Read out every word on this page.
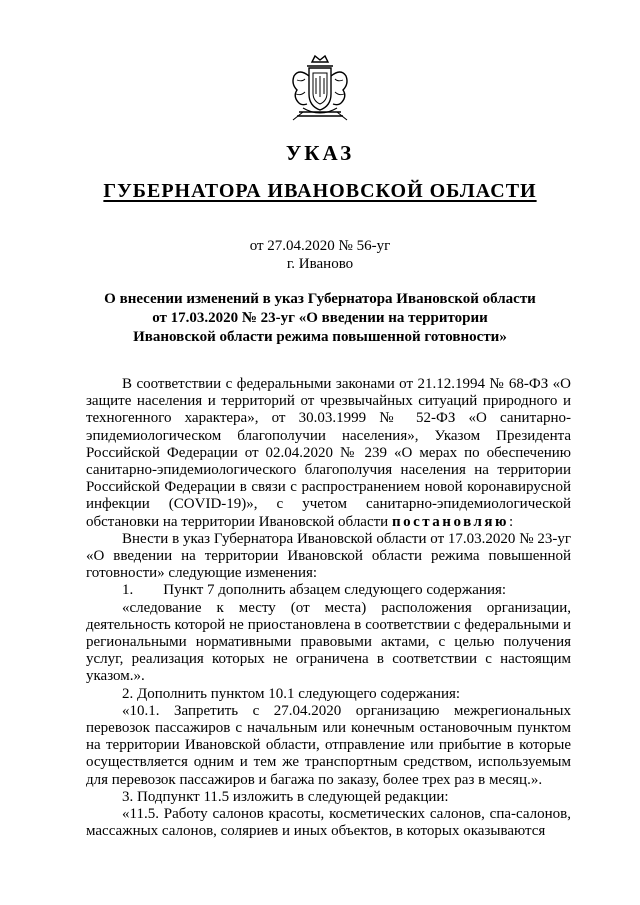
УКАЗ
ГУБЕРНАТОРА ИВАНОВСКОЙ ОБЛАСТИ
от 27.04.2020 № 56-уг
г. Иваново
О внесении изменений в указ Губернатора Ивановской области
от 17.03.2020 № 23-уг «О введении на территории
Ивановской области режима повышенной готовности»

В соответствии с федеральными законами от 21.12.1994 № 68-ФЗ «О защите населения и территорий от чрезвычайных ситуаций природного и техногенного характера», от 30.03.1999 № 52-ФЗ «О санитарно-эпидемиологическом благополучии населения», Указом Президента Российской Федерации от 02.04.2020 № 239 «О мерах по обеспечению санитарно-эпидемиологического благополучия населения на территории Российской Федерации в связи с распространением новой коронавирусной инфекции (COVID-19)», с учетом санитарно-эпидемиологической обстановки на территории Ивановской области постановляю:

Внести в указ Губернатора Ивановской области от 17.03.2020 № 23-уг «О введении на территории Ивановской области режима повышенной готовности» следующие изменения:

1.        Пункт 7 дополнить абзацем следующего содержания:

«следование к месту (от места) расположения организации, деятельность которой не приостановлена в соответствии с федеральными и региональными нормативными правовыми актами, с целью получения услуг, реализация которых не ограничена в соответствии с настоящим указом.».

2. Дополнить пунктом 10.1 следующего содержания:

«10.1. Запретить с 27.04.2020 организацию межрегиональных перевозок пассажиров с начальным или конечным остановочным пунктом на территории Ивановской области, отправление или прибытие в которые осуществляется одним и тем же транспортным средством, используемым для перевозок пассажиров и багажа по заказу, более трех раз в месяц.».

3. Подпункт 11.5 изложить в следующей редакции:

«11.5. Работу салонов красоты, косметических салонов, спа-салонов, массажных салонов, соляриев и иных объектов, в которых оказываются
